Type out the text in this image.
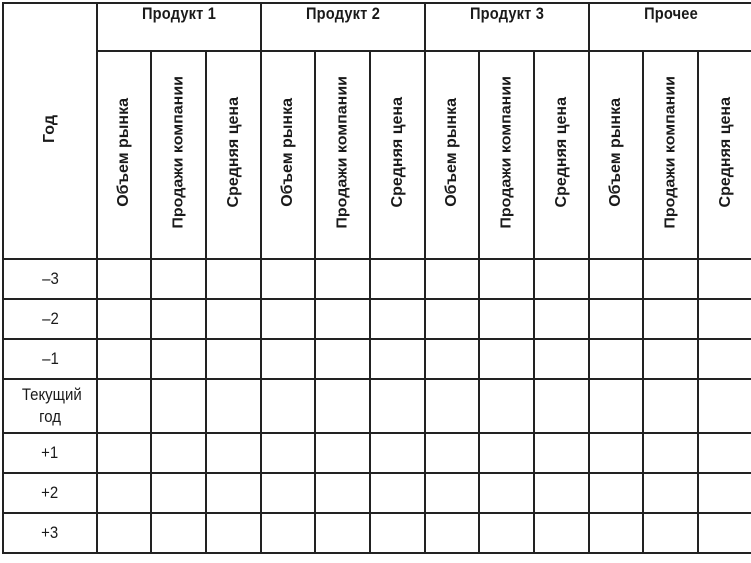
Год	Продукт 1			Продукт 2			Продукт 3			Прочее		

	Объем рынка	Продажи компании	Средняя цена	Объем рынка	Продажи компании	Средняя цена	Объем рынка	Продажи компании	Средняя цена	Объем рынка	Продажи компании	Средняя цена
–3												
–2												
–1												
Текущий год												
+1												
+2												
+3												
